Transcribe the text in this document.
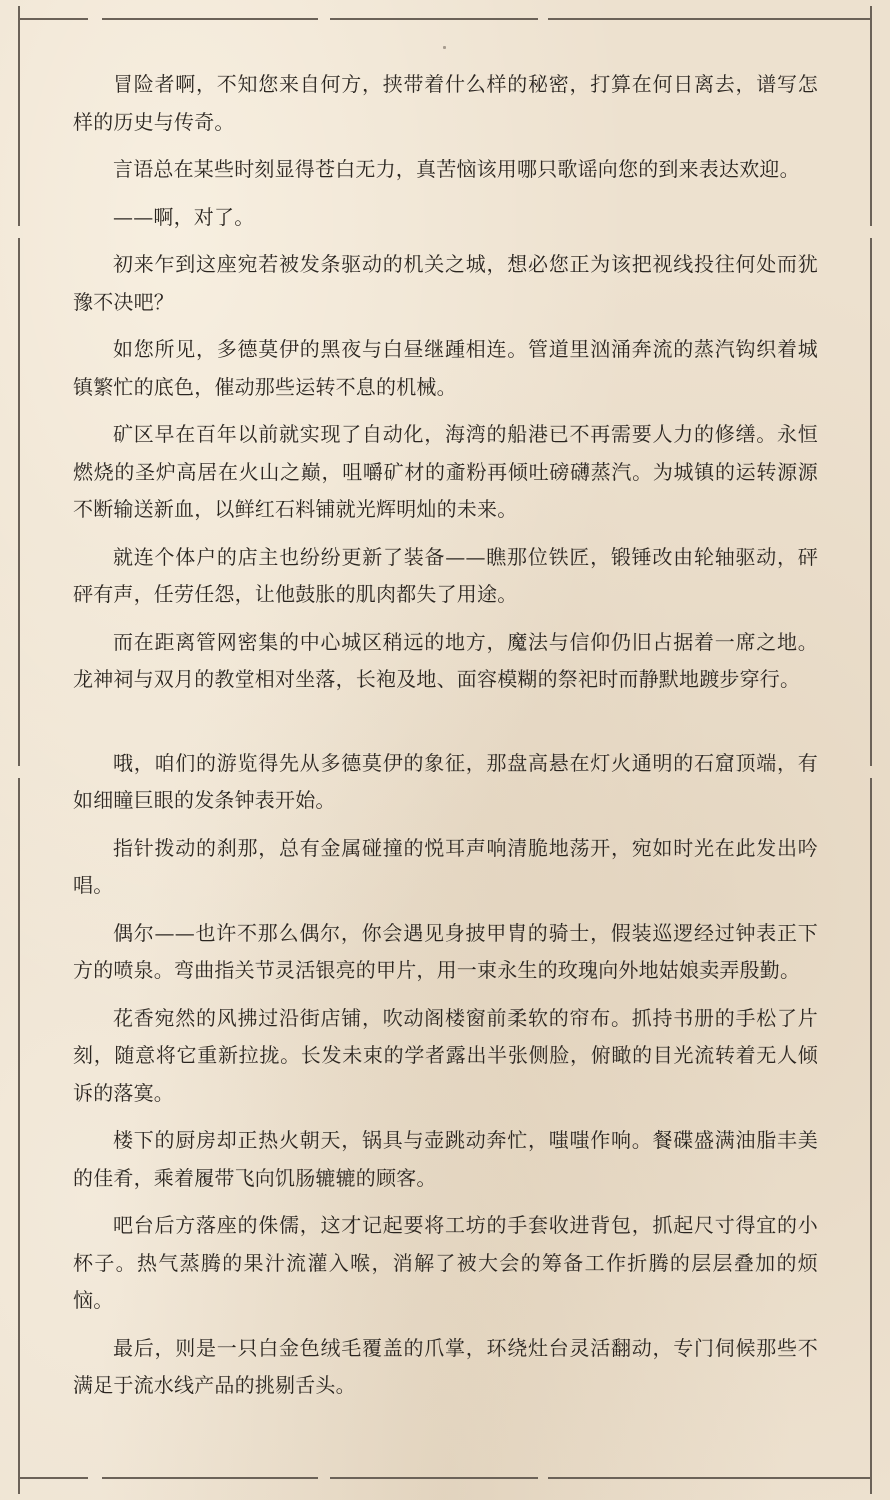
冒险者啊，不知您来自何方，挟带着什么样的秘密，打算在何日离去，谱写怎样的历史与传奇。

言语总在某些时刻显得苍白无力，真苦恼该用哪只歌谣向您的到来表达欢迎。

——啊，对了。

初来乍到这座宛若被发条驱动的机关之城，想必您正为该把视线投往何处而犹豫不决吧？

如您所见，多德莫伊的黑夜与白昼继踵相连。管道里汹涌奔流的蒸汽钩织着城镇繁忙的底色，催动那些运转不息的机械。

矿区早在百年以前就实现了自动化，海湾的船港已不再需要人力的修缮。永恒燃烧的圣炉高居在火山之巅，咀嚼矿材的齑粉再倾吐磅礴蒸汽。为城镇的运转源源不断输送新血，以鲜红石料铺就光辉明灿的未来。

就连个体户的店主也纷纷更新了装备——瞧那位铁匠，锻锤改由轮轴驱动，砰砰有声，任劳任怨，让他鼓胀的肌肉都失了用途。

而在距离管网密集的中心城区稍远的地方，魔法与信仰仍旧占据着一席之地。龙神祠与双月的教堂相对坐落，长袍及地、面容模糊的祭祀时而静默地踱步穿行。

哦，咱们的游览得先从多德莫伊的象征，那盘高悬在灯火通明的石窟顶端，有如细瞳巨眼的发条钟表开始。

指针拨动的刹那，总有金属碰撞的悦耳声响清脆地荡开，宛如时光在此发出吟唱。

偶尔——也许不那么偶尔，你会遇见身披甲胄的骑士，假装巡逻经过钟表正下方的喷泉。弯曲指关节灵活银亮的甲片，用一束永生的玫瑰向外地姑娘卖弄殷勤。

花香宛然的风拂过沿街店铺，吹动阁楼窗前柔软的帘布。抓持书册的手松了片刻，随意将它重新拉拢。长发未束的学者露出半张侧脸，俯瞰的目光流转着无人倾诉的落寞。

楼下的厨房却正热火朝天，锅具与壶跳动奔忙，嗤嗤作响。餐碟盛满油脂丰美的佳肴，乘着履带飞向饥肠辘辘的顾客。

吧台后方落座的侏儒，这才记起要将工坊的手套收进背包，抓起尺寸得宜的小杯子。热气蒸腾的果汁流灌入喉，消解了被大会的筹备工作折腾的层层叠加的烦恼。

最后，则是一只白金色绒毛覆盖的爪掌，环绕灶台灵活翻动，专门伺候那些不满足于流水线产品的挑剔舌头。
